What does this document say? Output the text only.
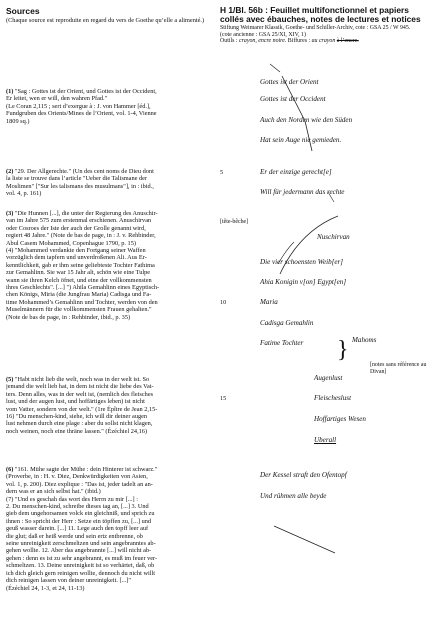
Sources
(Chaque source est reproduite en regard du vers de Goethe qu’elle a alimenté.)

(1) "Sag : Gottes ist der Orient, und Gottes ist der Occident,

Er leitet, wen er will, den wahren Pfad."

(Le Coran 2,115 ; sert d’exergue à : J. von Hammer [éd.],

Fundgruben des Orients/Mines de l’Orient, vol. 1-4, Vienne

1809 sq.)

(2) "29. Der Allgerechte." (Un des cent noms de Dieu dont

la liste se trouve dans l’article "Ueber die Talismane der

Moslimen" ["Sur les talismans des musulmans"], in : ibid.,

vol. 4, p. 161)

(3) "Die Hunnen [...], die unter der Regierung des Anuschir-

van im Jahre 575 zum erstenmal erschienen. Anuschirvan

oder Cosroes der Iste der auch der Grolle genannt wird,

regiert 48 Jahre." (Note de bas de page, in : J. v. Rehbinder,

Abul Casem Mohammed, Copenhague 1790, p. 15)

(4) "Mohammed verdankte den Fortgang seiner Waffen

vorzüglich dem tapfern und unverdroßenen Ali. Aus Er-

kenntlichkeit, gab er ihm seine geliebteste Tochter Fathima

zur Gemahlinn. Sie war 15 Jahr alt, schön wie eine Tulpe

wann sie ihren Kelch öfnet, und eine der vollkommensten

ihres Geschlechts". [...] ") Ahila Gemahlinn eines Egyptisch-

chen Königs, Miria (die Jungfrau Maria) Cadisga und Fa-

time Mohammed’s Gemahlinn und Tochter, werden von den

Muselmännern für die vollkommensten Frauen gehalten."

(Note de bas de page, in : Rehbinder, ibid., p. 35)

(5) "Habt nicht lieb die welt, noch was in der welt ist. So

jemand die welt lieb hat, in dem ist nicht die liebe des Vat-

ters. Denn alles, was in der welt ist, (nemlich des fleisches

lust, und der augen lust, und hoffärtiges leben) ist nicht

vom Vatter, sondern von der welt." (1re Épître de Jean 2,15-

16) "Du menschen-kind, siehe, ich will dir deiner augen

lust nehmen durch eine plage : aber du sollst nicht klagen,

noch weinen, noch eine thräne lassen." (Ézéchiel 24,16)

(6) "161. Mühe sagte der Mühe : dein Hinterer ist schwarz."

(Proverbe, in : H. v. Diez, Denkwürdigkeiten von Asien,

vol. 1, p. 200). Diez explique : "Das ist, jeder tadelt an an-

dern was er an sich selbst hat." (ibid.)

(7) "Und es geschah das wort des Herrn zu mir [...] :

2. Du menschen-kind, schreibe dieses tag an, [...] 3. Und

gieb dem ungehorsamen volck ein gleichniß, und sprich zu

ihnen : So spricht der Herr : Setze ein töpffen zu, [...] und

geuß wasser darein. [...] 11. Lege auch den topff leer auf

die glut; daß er heiß werde und sein ertz entbrenne, ob

seine unreinigkeit zerschmeltzen und sein angebranntes ab-

gehen wollte. 12. Aber das angebrannte [...] will nicht ab-

gehen : denn es ist zu sehr angebrannt, es muß im feuer ver-

schmeltzen. 13. Deine unreinigkeit ist so verhärtet, daß, ob

ich dich gleich gern reinigen wollte, dennoch du nicht willt

dich reinigen lassen von deiner unreinigkeit. [...]"

(Ézéchiel 24, 1-3, et 24, 11-13)

H 1/Bl. 56b : Feuillet multifonctionnel et papiers
collés avec ébauches, notes de lectures et notices
Stiftung Weimarer Klassik, Goethe- und Schiller-Archiv, cote : GSA 25 / W 945.
(cote ancienne : GSA 25/XI, XIV, 1)
Outils : crayon, encre noire. Biffures : au crayon à l’encre.
Gottes ist der Orient
Gottes ist der Occident
Auch den Norden wie den Süden
Hat sein Auge nie gemieden.
5	Er der einzige gerecht[e]
Will für jedermann das rechte
[tête-bêche]
Nuschirvan
Die vier schoensten Weib[er]
Ahia Konigin v[on] Egypt[en]
10	Maria
Cadisga Gemahlin
Fatime Tochter } Mahoms
[notes sans référence au Divan]
Augenlust
15	Fleischeslust
Hoffartiges Wesen
Uberall
Der Kessel straft den Ofentopf
Und rühmen alle beyde
